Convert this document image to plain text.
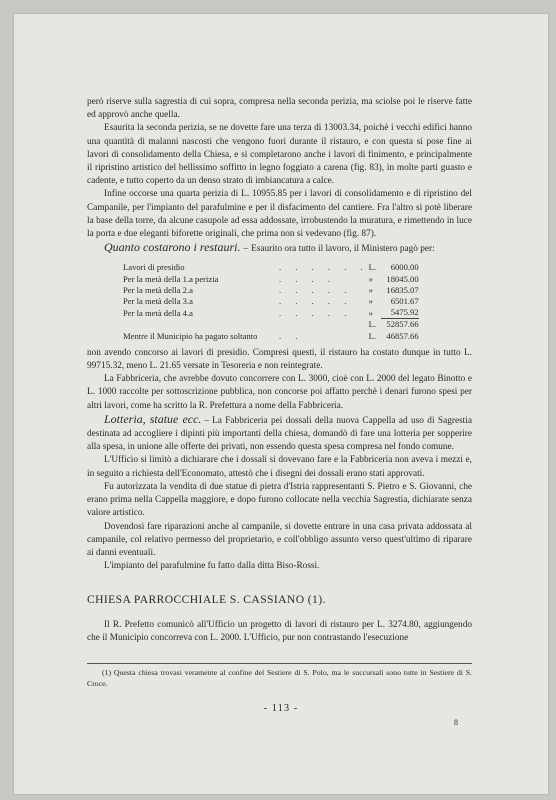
però riserve sulla sagrestia di cui sopra, compresa nella seconda perizia, ma sciolse poi le riserve fatte ed approvò anche quella.

Esaurita la seconda perizia, se ne dovette fare una terza di 13003.34, poichè i vecchi edifici hanno una quantità di malanni nascosti che vengono fuori durante il ristauro, e con questa si pose fine ai lavori di consolidamento della Chiesa, e si completarono anche i lavori di finimento, e principalmente il ripristino artistico del bellissimo soffitto in legno foggiato a carena (fig. 83), in molte parti guasto e cadente, e tutto coperto da un denso strato di imbiancatura a calce.

Infine occorse una quarta perizia di L. 10955.85 per i lavori di consolidamento e di ripristino del Campanile, per l'impianto del parafulmine e per il disfacimento del cantiere. Fra l'altro si potè liberare la base della torre, da alcune casupole ad essa addossate, irrobustendo la muratura, e rimettendo in luce la porta e due eleganti biforette originali, che prima non si vedevano (fig. 87).

Quanto costarono i restauri. – Esaurito ora tutto il lavoro, il Ministero pagò per:

Lavori di presidio	. . . . . .	L.	6000.00
Per la metà della 1.a perizia	. . . .	»	18045.00
Per la metà della 2.a	. . . . .	»	16835.07
Per la metà della 3.a	. . . . .	»	6501.67
Per la metà della 4.a	. . . . .	»	5475.92
		L.	52857.66
Mentre il Municipio ha pagato soltanto	. .	L.	46857.66

non avendo concorso ai lavori di presidio. Compresi questi, il ristauro ha costato dunque in tutto L. 99715.32, meno L. 21.65 versate in Tesoreria e non reintegrate.

La Fabbriceria, che avrebbe dovuto concorrere con L. 3000, cioè con L. 2000 del legato Binotto e L. 1000 raccolte per sottoscrizione pubblica, non concorse poi affatto perchè i denari furono spesi per altri lavori, come ha scritto la R. Prefettura a nome della Fabbriceria.

Lotteria, statue ecc. – La Fabbriceria pei dossali della nuova Cappella ad uso di Sagrestia destinata ad accogliere i dipinti più importanti della chiesa, domandò di fare una lotteria per sopperire alla spesa, in unione alle offerte dei privati, non essendo questa spesa compresa nel fondo comune.

L'Ufficio si limitò a dichiarare che i dossali si dovevano fare e la Fabbriceria non aveva i mezzi e, in seguito a richiesta dell'Economato, attestò che i disegni dei dossali erano stati approvati.

Fu autorizzata la vendita di due statue di pietra d'Istria rappresentanti S. Pietro e S. Giovanni, che erano prima nella Cappella maggiore, e dopo furono collocate nella vecchia Sagrestia, dichiarate senza valore artistico.

Dovendosi fare riparazioni anche al campanile, si dovette entrare in una casa privata addossata al campanile, col relativo permesso del proprietario, e coll'obbligo assunto verso quest'ultimo di riparare ai danni eventuali.

L'impianto del parafulmine fu fatto dalla ditta Biso-Rossi.

CHIESA PARROCCHIALE S. CASSIANO (1).

Il R. Prefetto comunicò all'Ufficio un progetto di lavori di ristauro per L. 3274.80, aggiungendo che il Municipio concorreva con L. 2000. L'Ufficio, pur non contrastando l'esecuzione

(1) Questa chiesa trovasi veramente al confine del Sestiere di S. Polo, ma le succursali sono tutte in Sestiere di S. Croce.
- 113 -
8
